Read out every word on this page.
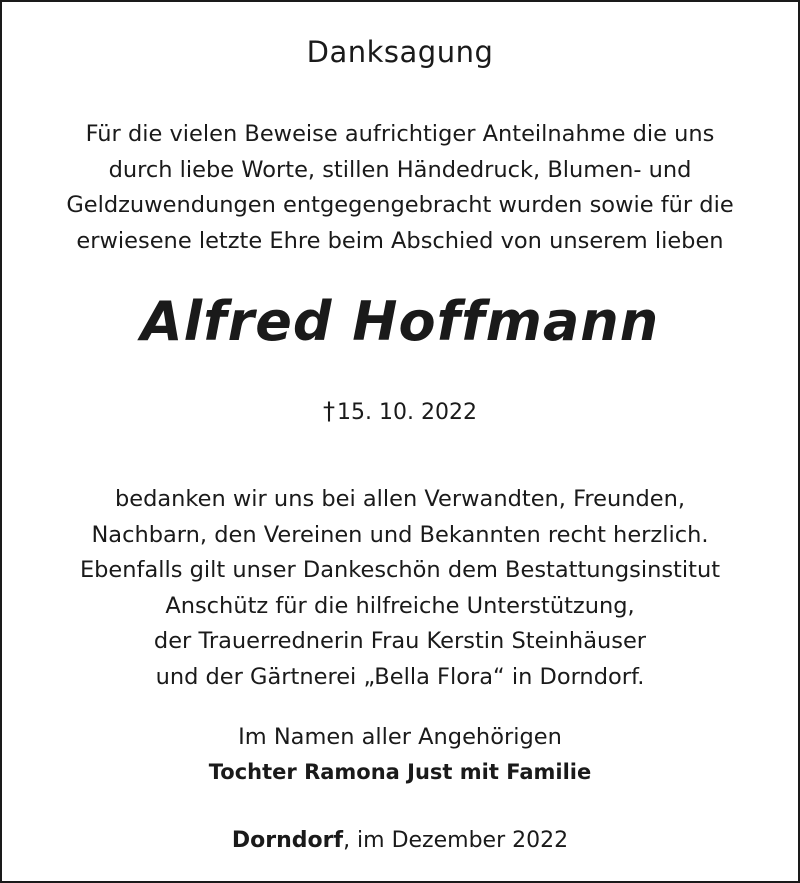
Danksagung

Für die vielen Beweise aufrichtiger Anteilnahme die uns
durch liebe Worte, stillen Händedruck, Blumen- und
Geldzuwendungen entgegengebracht wurden sowie für die
erwiesene letzte Ehre beim Abschied von unserem lieben

Alfred Hoffmann

†15. 10. 2022

bedanken wir uns bei allen Verwandten, Freunden,
Nachbarn, den Vereinen und Bekannten recht herzlich.
Ebenfalls gilt unser Dankeschön dem Bestattungsinstitut
Anschütz für die hilfreiche Unterstützung,
der Trauerrednerin Frau Kerstin Steinhäuser
und der Gärtnerei „Bella Flora“ in Dorndorf.

Im Namen aller Angehörigen

Tochter Ramona Just mit Familie

Dorndorf, im Dezember 2022
